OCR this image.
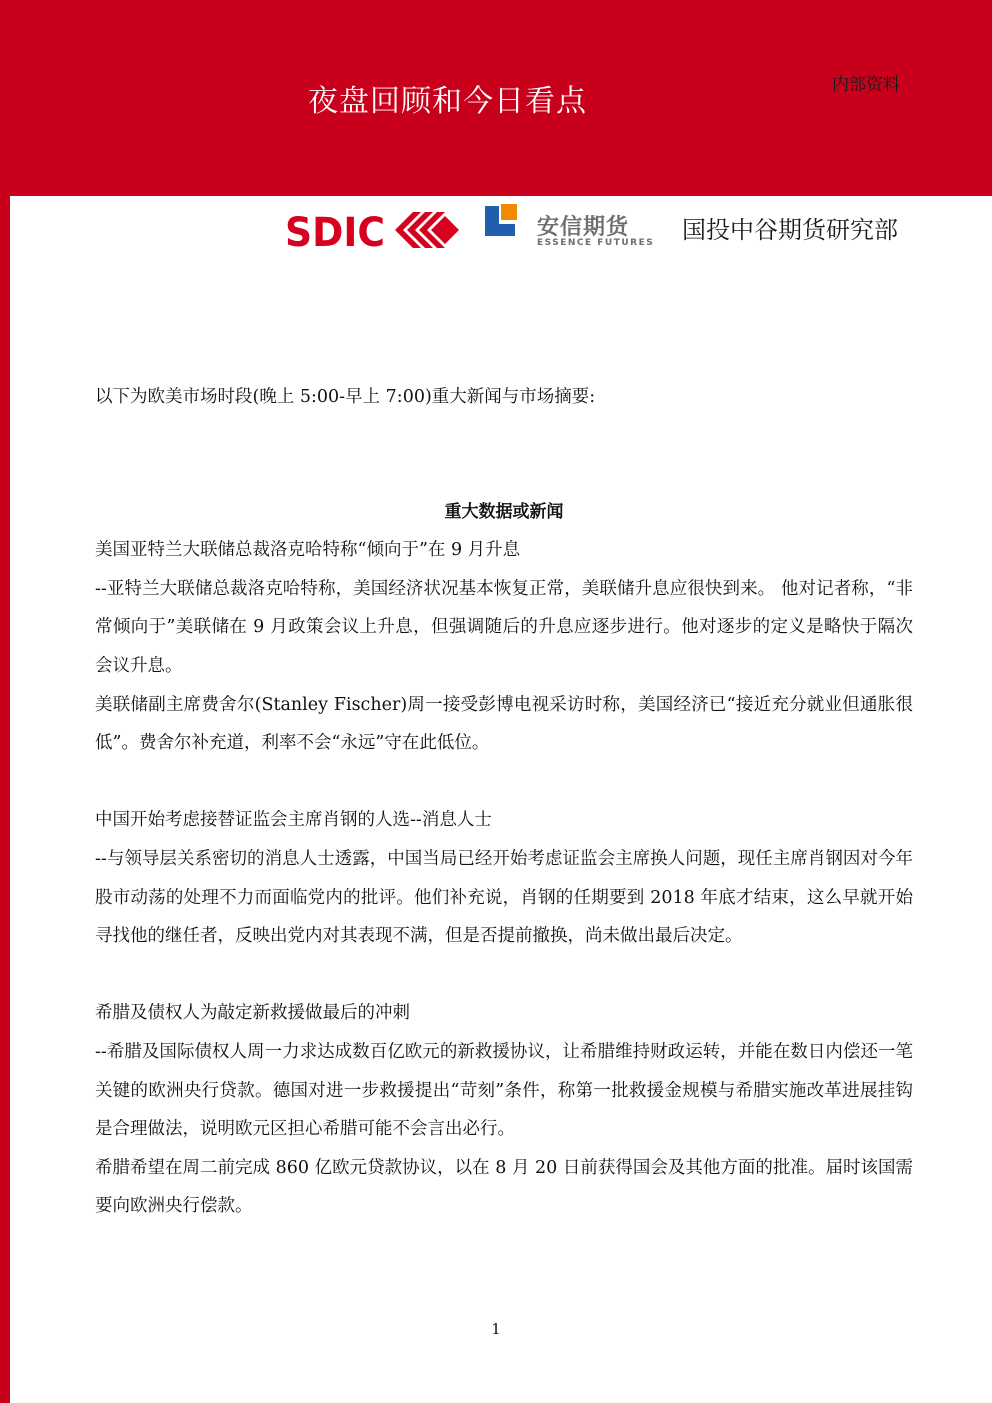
夜盘回顾和今日看点	内部资料
SDIC	安信期货
ESSENCE FUTURES 国投中谷期货研究部

以下为欧美市场时段(晚上 5:00-早上 7:00)重大新闻与市场摘要:

重大数据或新闻

美国亚特兰大联储总裁洛克哈特称“倾向于”在 9 月升息

--亚特兰大联储总裁洛克哈特称，美国经济状况基本恢复正常，美联储升息应很快到来。 他对记者称，“非常倾向于”美联储在 9 月政策会议上升息，但强调随后的升息应逐步进行。他对逐步的定义是略快于隔次会议升息。

美联储副主席费舍尔(Stanley Fischer)周一接受彭博电视采访时称，美国经济已“接近充分就业但通胀很低”。费舍尔补充道，利率不会“永远”守在此低位。

中国开始考虑接替证监会主席肖钢的人选--消息人士

--与领导层关系密切的消息人士透露，中国当局已经开始考虑证监会主席换人问题，现任主席肖钢因对今年股市动荡的处理不力而面临党内的批评。他们补充说，肖钢的任期要到 2018 年底才结束，这么早就开始寻找他的继任者，反映出党内对其表现不满，但是否提前撤换，尚未做出最后决定。

希腊及债权人为敲定新救援做最后的冲刺

--希腊及国际债权人周一力求达成数百亿欧元的新救援协议，让希腊维持财政运转，并能在数日内偿还一笔关键的欧洲央行贷款。德国对进一步救援提出“苛刻”条件，称第一批救援金规模与希腊实施改革进展挂钩是合理做法，说明欧元区担心希腊可能不会言出必行。

希腊希望在周二前完成 860 亿欧元贷款协议，以在 8 月 20 日前获得国会及其他方面的批准。届时该国需要向欧洲央行偿款。

1
